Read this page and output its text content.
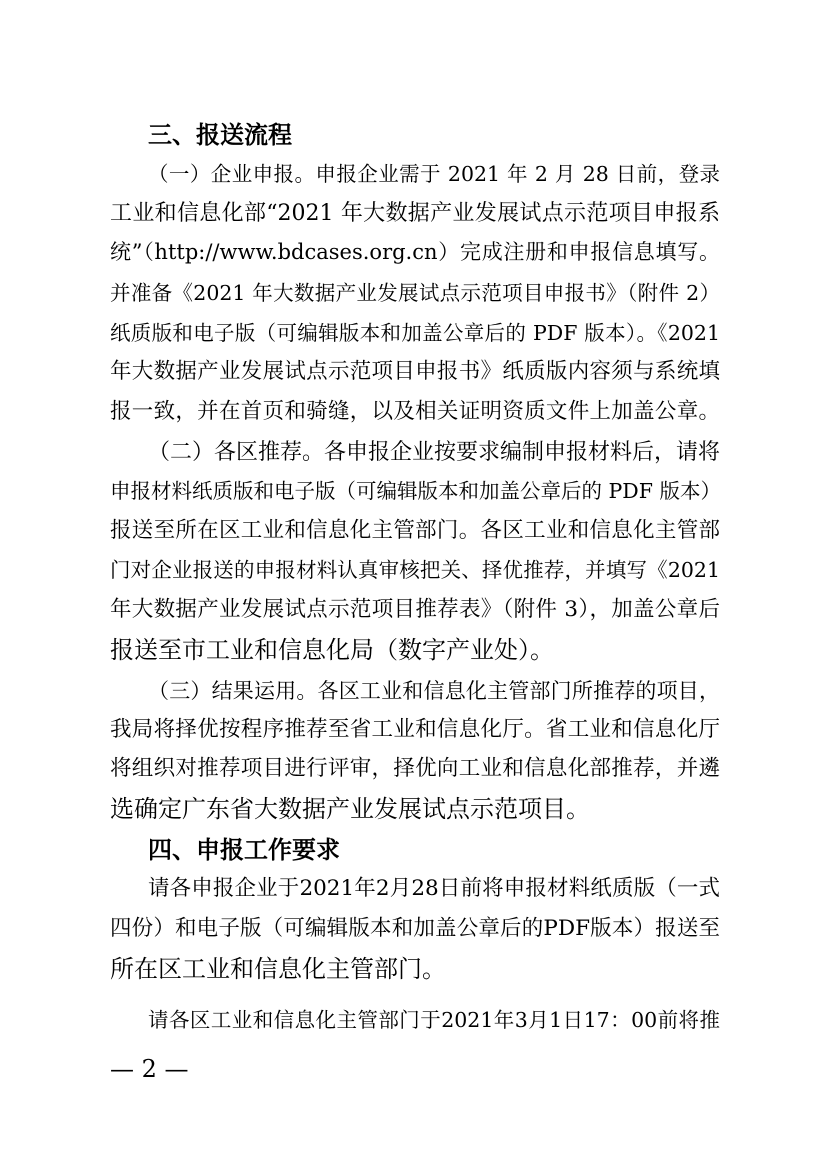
三、报送流程

（一）企业申报。申报企业需于 2021 年 2 月 28 日前，登录

工业和信息化部“2021 年大数据产业发展试点示范项目申报系

统”（http://www.bdcases.org.cn）完成注册和申报信息填写。

并准备《2021 年大数据产业发展试点示范项目申报书》（附件 2）

纸质版和电子版（可编辑版本和加盖公章后的 PDF 版本）。《2021

年大数据产业发展试点示范项目申报书》纸质版内容须与系统填

报一致，并在首页和骑缝，以及相关证明资质文件上加盖公章。

（二）各区推荐。各申报企业按要求编制申报材料后，请将

申报材料纸质版和电子版（可编辑版本和加盖公章后的 PDF 版本）

报送至所在区工业和信息化主管部门。各区工业和信息化主管部

门对企业报送的申报材料认真审核把关、择优推荐，并填写《2021

年大数据产业发展试点示范项目推荐表》（附件 3），加盖公章后

报送至市工业和信息化局（数字产业处）。

（三）结果运用。各区工业和信息化主管部门所推荐的项目，

我局将择优按程序推荐至省工业和信息化厅。省工业和信息化厅

将组织对推荐项目进行评审，择优向工业和信息化部推荐，并遴

选确定广东省大数据产业发展试点示范项目。

四、申报工作要求

请各申报企业于2021年2月28日前将申报材料纸质版（一式

四份）和电子版（可编辑版本和加盖公章后的PDF版本）报送至

所在区工业和信息化主管部门。

请各区工业和信息化主管部门于2021年3月1日17：00前将推

— 2 —
